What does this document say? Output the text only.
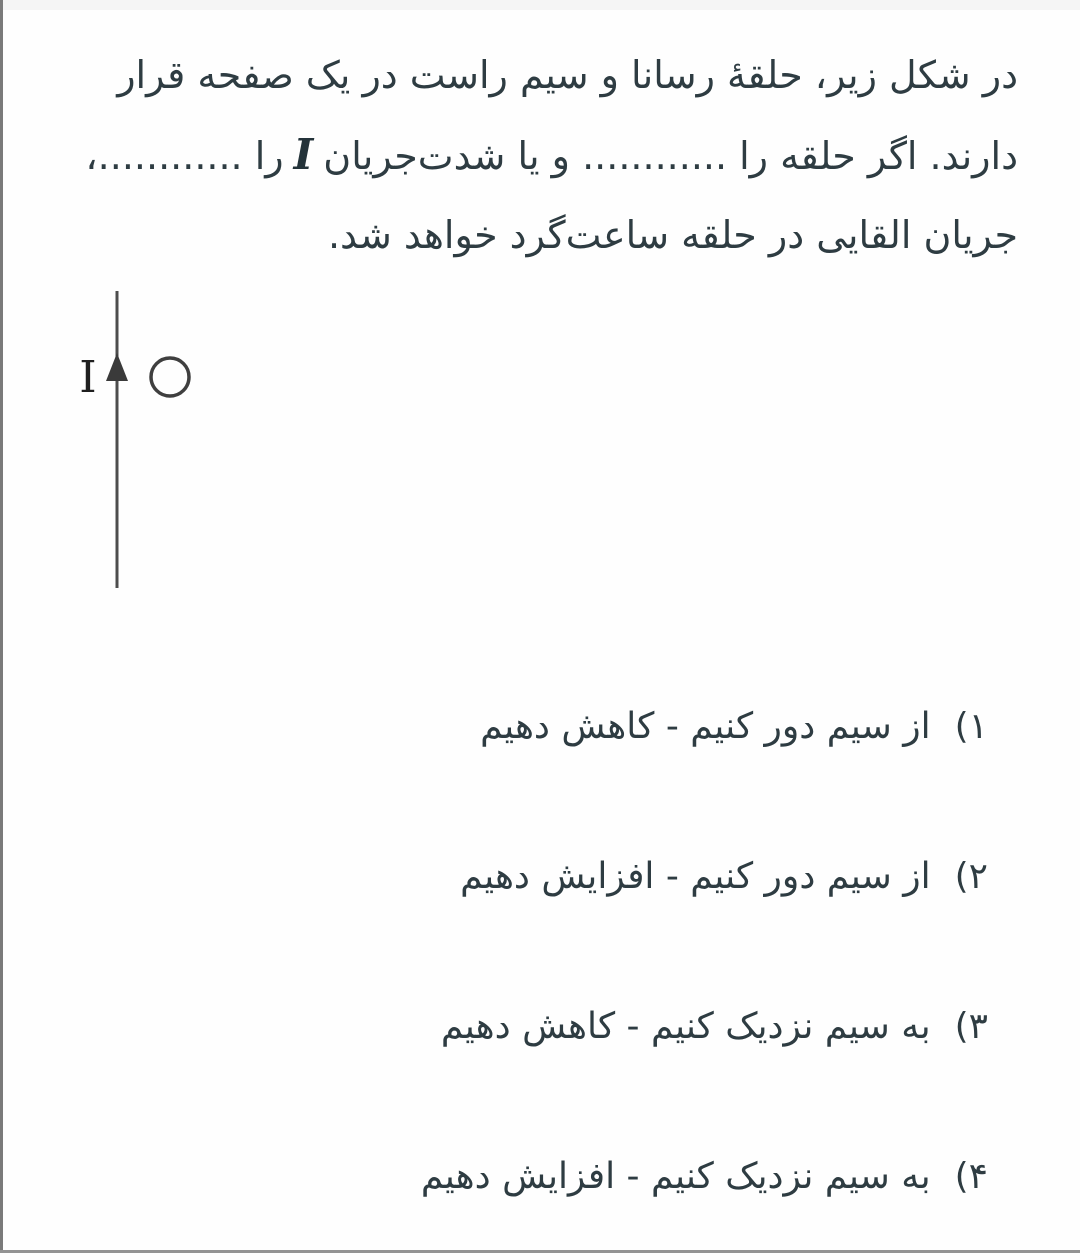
در شکل زیر، حلقهٔ رسانا و سیم راست در یک صفحه قرار
دارند. اگر حلقه را ............ و یا شدت‌جریانIرا ............،
جریان القایی در حلقه ساعت‌گرد خواهد شد.
I
۱)
از سیم دور کنیم - کاهش دهیم
۲)
از سیم دور کنیم - افزایش دهیم
۳)
به سیم نزدیک کنیم - کاهش دهیم
۴)
به سیم نزدیک کنیم - افزایش دهیم
